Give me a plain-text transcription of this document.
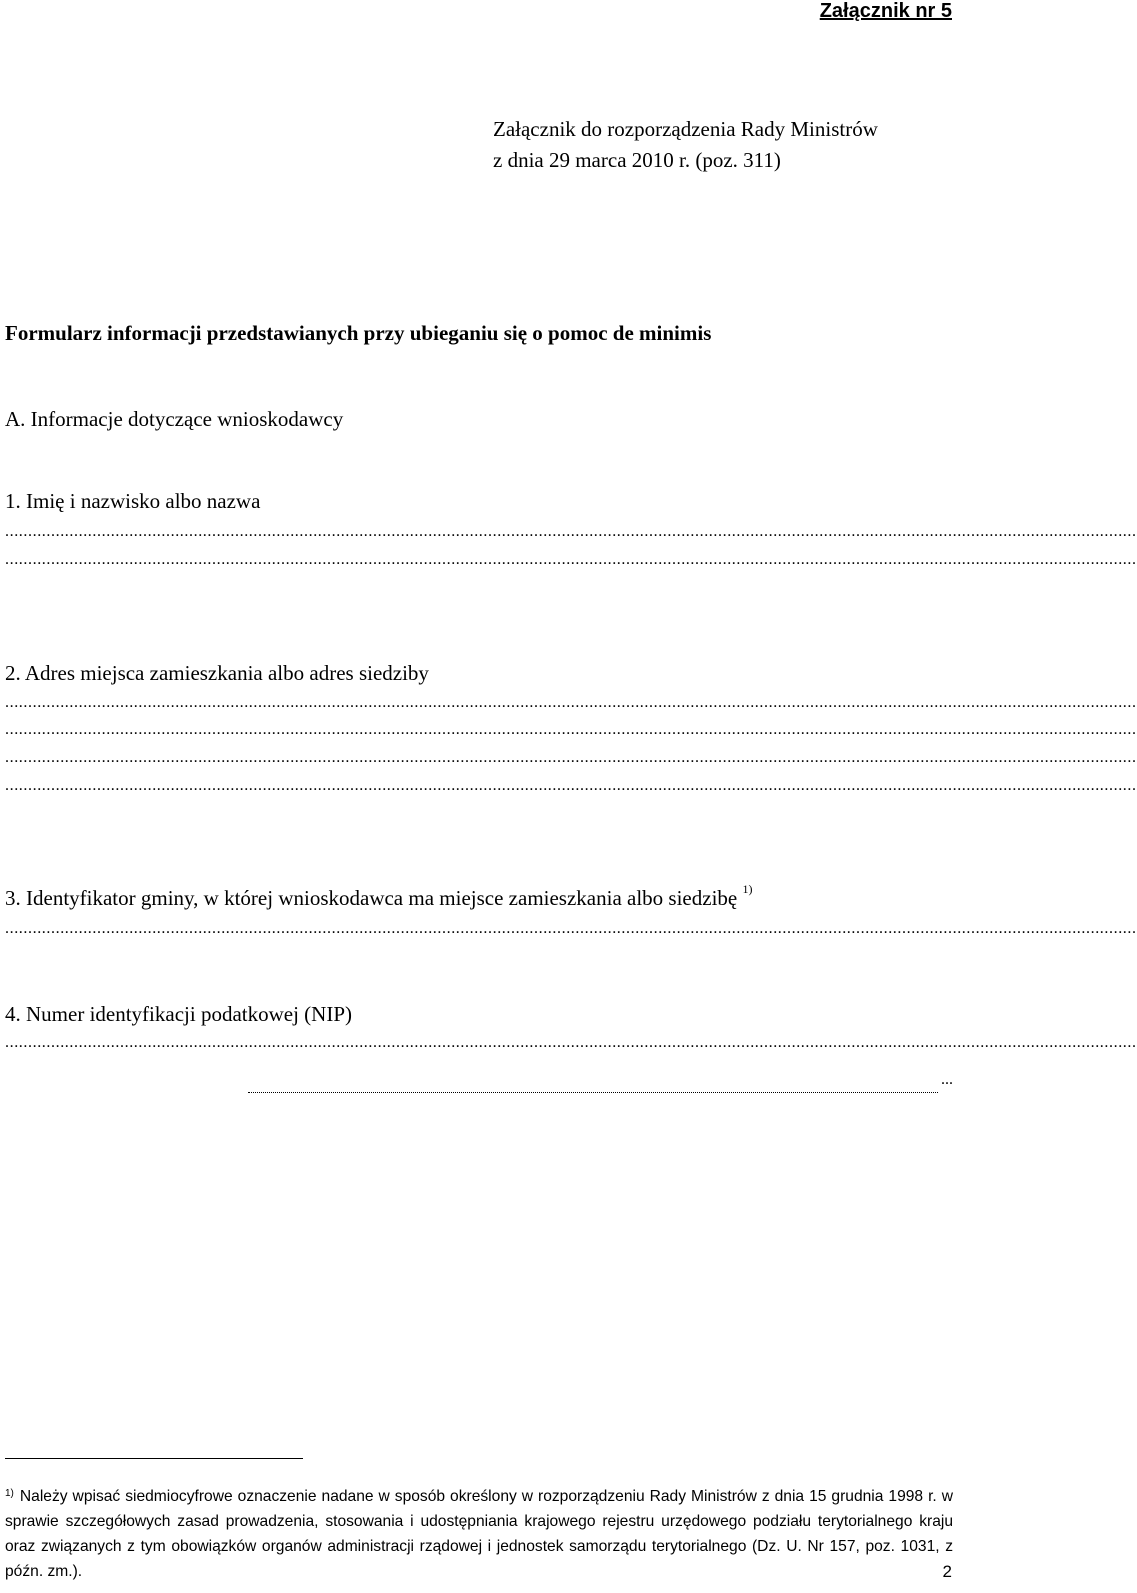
Załącznik nr 5
Załącznik do rozporządzenia Rady Ministrów
z dnia 29 marca 2010 r. (poz. 311)
Formularz informacji przedstawianych przy ubieganiu się o pomoc de minimis
A. Informacje dotyczące wnioskodawcy
1. Imię i nazwisko albo nazwa
......................................................................................................................................................................................................................................................
......................................................................................................................................................................................................................................................
2. Adres miejsca zamieszkania albo adres siedziby
......................................................................................................................................................................................................................................................
......................................................................................................................................................................................................................................................
......................................................................................................................................................................................................................................................
......................................................................................................................................................................................................................................................
3. Identyfikator gminy, w której wnioskodawca ma miejsce zamieszkania albo siedzibę $^{1)}$
......................................................................................................................................................................................................................................................
4. Numer identyfikacji podatkowej (NIP)
......................................................................................................................................................................................................................................................
...
$^{1)}$ Należy wpisać siedmiocyfrowe oznaczenie nadane w sposób określony w rozporządzeniu Rady Ministrów z dnia 15 grudnia 1998 r. w sprawie szczegółowych zasad prowadzenia, stosowania i udostępniania krajowego rejestru urzędowego podziału terytorialnego kraju oraz związanych z tym obowiązków organów administracji rządowej i jednostek samorządu terytorialnego (Dz. U. Nr 157, poz. 1031, z późn. zm.).	2
